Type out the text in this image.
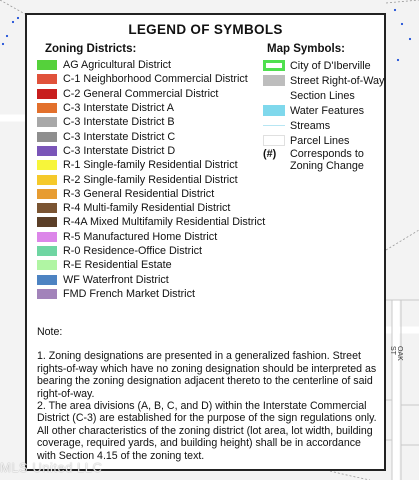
LEGEND OF SYMBOLS
Zoning Districts:	Map Symbols:
AG Agricultural District
C-1 Neighborhood Commercial District
C-2 General Commercial District
C-3 Interstate District A
C-3 Interstate District B
C-3 Interstate District C
C-3 Interstate District D
R-1 Single-family Residential District
R-2 Single-family Residential District
R-3 General Residential District
R-4 Multi-family Residential District
R-4A Mixed Multifamily Residential District
R-5 Manufactured Home District
R-0 Residence-Office District
R-E Residential Estate
WF Waterfront District
FMD French Market District
City of D'Iberville
Street Right-of-Way
Section Lines
Water Features
Streams
Parcel Lines
(#)	Corresponds to Zoning Change

Note:

1. Zoning designations are presented in a generalized fashion. Street rights-of-way which have no zoning designation should be interpreted as bearing the zoning designation adjacent thereto to the centerline of said right-of-way.

2. The area divisions (A, B, C, and D) within the Interstate Commercial District (C-3) are established for the purpose of the sign regulations only. All other characteristics of the zoning district (lot area, lot width, building coverage, required yards, and building height) shall be in accordance with Section 4.15 of the zoning text.

OAK ST
MLS United LLC
